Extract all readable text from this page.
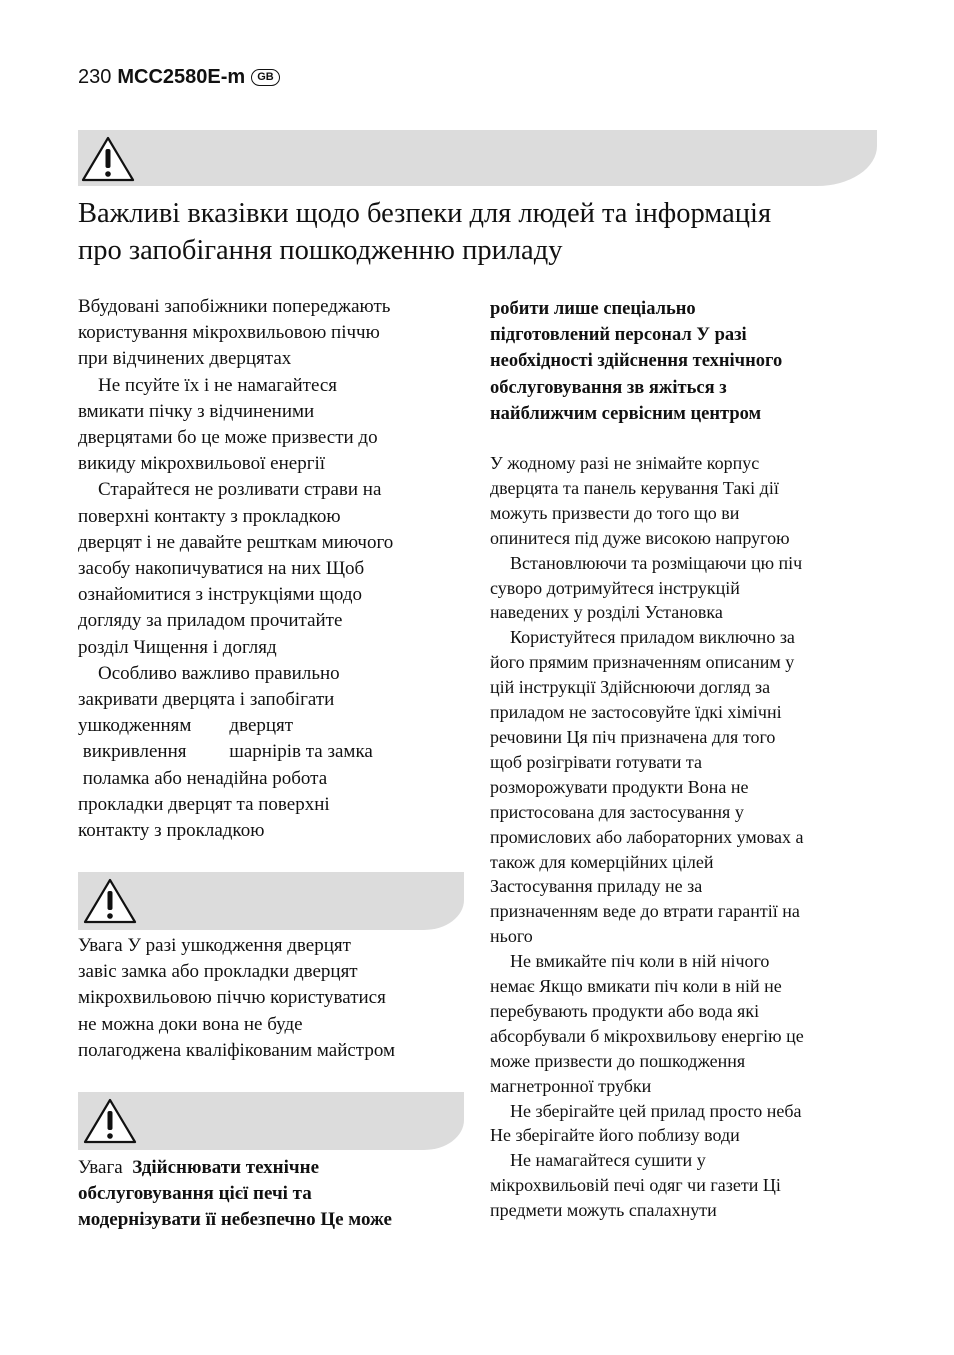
230 MCC2580E-m GB
Важливі вказівки щодо безпеки для людей та інформація
про запобігання пошкодженню приладу
Вбудовані запобіжники попереджають
користування мікрохвильовою піччю
при відчинених дверцятах
Не псуйте їх і не намагайтеся
вмикати пічку з відчиненими
дверцятами бо це може призвести до
викиду мікрохвильової енергії
Старайтеся не розливати страви на
поверхні контакту з прокладкою
дверцят і не давайте решткам миючого
засобу накопичуватися на них Щоб
ознайомитися з інструкціями щодо
догляду за приладом прочитайте
розділ Чищення і догляд
Особливо важливо правильно
закривати дверцята і запобігати
ушкодженням        дверцят
викривлення         шарнірів та замка
поламка або ненадійна робота
прокладки дверцят та поверхні
контакту з прокладкою
Увага У разі ушкодження дверцят
завіс замка або прокладки дверцят
мікрохвильовою піччю користуватися
не можна доки вона не буде
полагоджена кваліфікованим майстром
Увага  Здійснювати технічне
обслуговування цієї печі та
модернізувати її небезпечно Це може
робити лише спеціально
підготовлений персонал У разі
необхідності здійснення технічного
обслуговування зв яжіться з
найближчим сервісним центром
У жодному разі не знімайте корпус
дверцята та панель керування Такі дії
можуть призвести до того що ви
опинитеся під дуже високою напругою
Встановлюючи та розміщаючи цю піч
суворо дотримуйтеся інструкцій
наведених у розділі Установка
Користуйтеся приладом виключно за
його прямим призначенням описаним у
цій інструкції Здійснюючи догляд за
приладом не застосовуйте їдкі хімічні
речовини Ця піч призначена для того
щоб розігрівати готувати та
розморожувати продукти Вона не
пристосована для застосування у
промислових або лабораторних умовах а
також для комерційних цілей
Застосування приладу не за
призначенням веде до втрати гарантії на
нього
Не вмикайте піч коли в ній нічого
немає Якщо вмикати піч коли в ній не
перебувають продукти або вода які
абсорбували б мікрохвильову енергію це
може призвести до пошкодження
магнетронної трубки
Не зберігайте цей прилад просто неба
Не зберігайте його поблизу води
Не намагайтеся сушити у
мікрохвильовій печі одяг чи газети Ці
предмети можуть спалахнути
